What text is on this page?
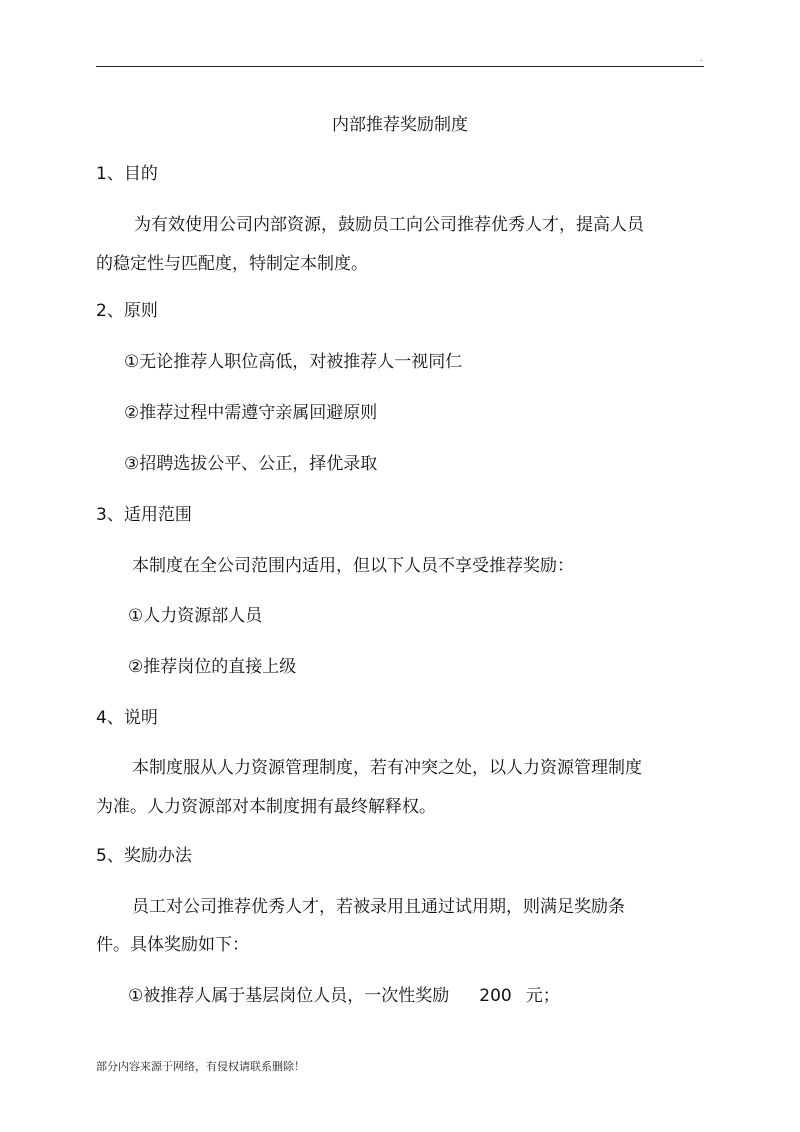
.
内部推荐奖励制度
1、目的
为有效使用公司内部资源，鼓励员工向公司推荐优秀人才，提高人员
的稳定性与匹配度，特制定本制度。
2、原则
①无论推荐人职位高低，对被推荐人一视同仁
②推荐过程中需遵守亲属回避原则
③招聘选拔公平、公正，择优录取
3、适用范围
本制度在全公司范围内适用，但以下人员不享受推荐奖励：
①人力资源部人员
②推荐岗位的直接上级
4、说明
本制度服从人力资源管理制度，若有冲突之处，以人力资源管理制度
为准。人力资源部对本制度拥有最终解释权。
5、奖励办法
员工对公司推荐优秀人才，若被录用且通过试用期，则满足奖励条
件。具体奖励如下：
①被推荐人属于基层岗位人员，一次性奖励 200 元；
部分内容来源于网络，有侵权请联系删除！
